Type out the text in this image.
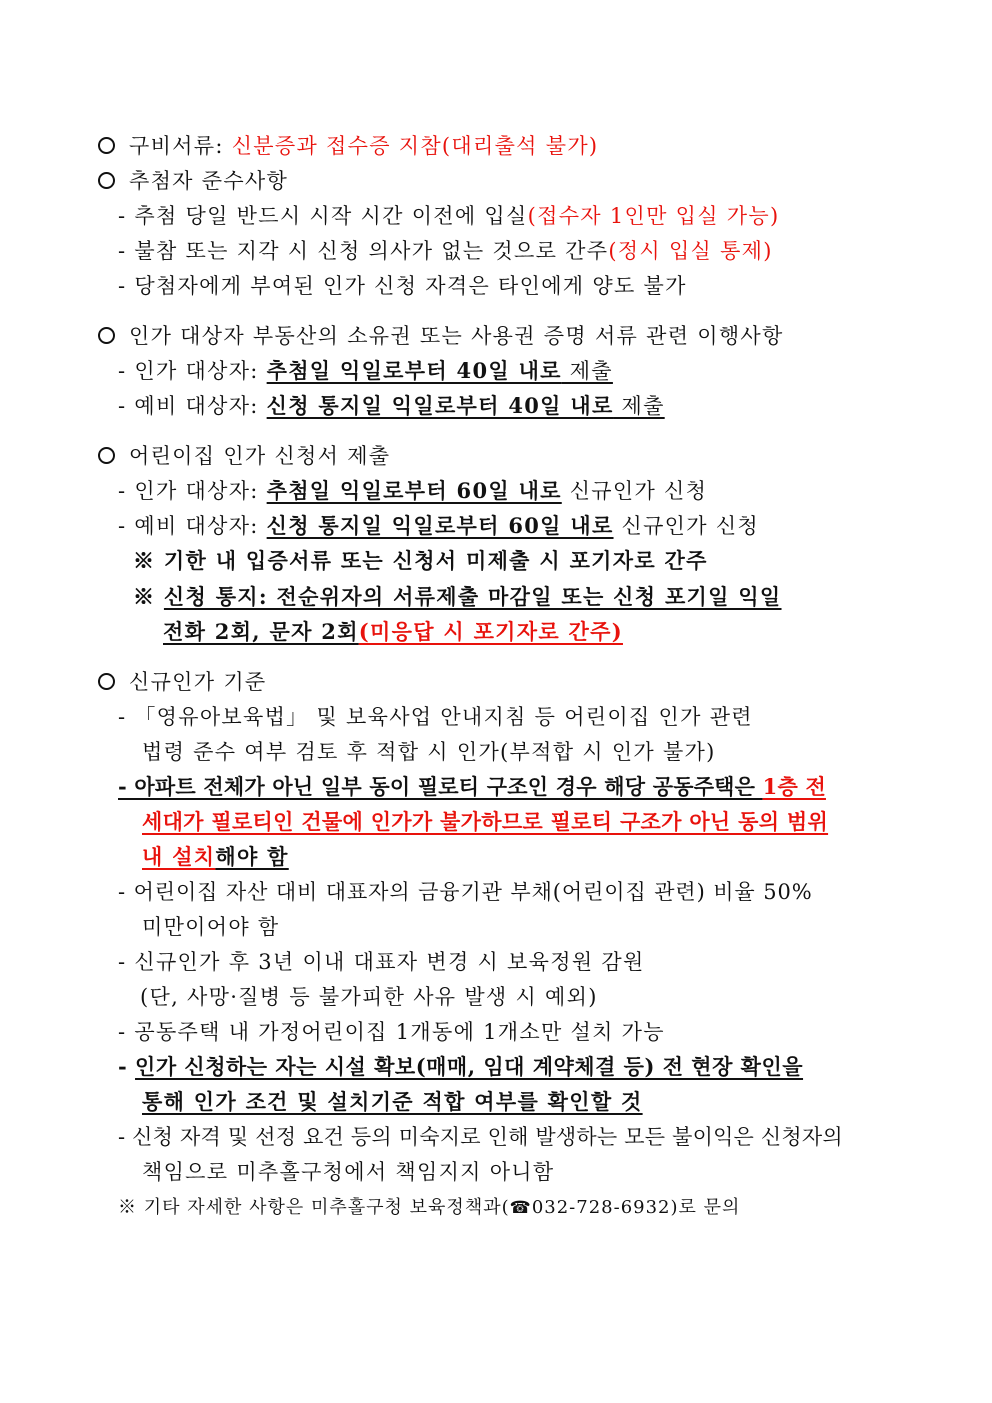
구비서류: 신분증과 접수증 지참(대리출석 불가)
추첨자 준수사항
- 추첨 당일 반드시 시작 시간 이전에 입실(접수자 1인만 입실 가능)
- 불참 또는 지각 시 신청 의사가 없는 것으로 간주(정시 입실 통제)
- 당첨자에게 부여된 인가 신청 자격은 타인에게 양도 불가
인가 대상자 부동산의 소유권 또는 사용권 증명 서류 관련 이행사항
- 인가 대상자: 추첨일 익일로부터 40일 내로 제출
- 예비 대상자: 신청 통지일 익일로부터 40일 내로 제출
어린이집 인가 신청서 제출
- 인가 대상자: 추첨일 익일로부터 60일 내로 신규인가 신청
- 예비 대상자: 신청 통지일 익일로부터 60일 내로 신규인가 신청
※ 기한 내 입증서류 또는 신청서 미제출 시 포기자로 간주
※ 신청 통지: 전순위자의 서류제출 마감일 또는 신청 포기일 익일
전화 2회, 문자 2회(미응답 시 포기자로 간주)
신규인가 기준
- 「영유아보육법」 및 보육사업 안내지침 등 어린이집 인가 관련
법령 준수 여부 검토 후 적합 시 인가(부적합 시 인가 불가)
- 아파트 전체가 아닌 일부 동이 필로티 구조인 경우 해당 공동주택은 1층 전
세대가 필로티인 건물에 인가가 불가하므로 필로티 구조가 아닌 동의 범위
내 설치해야 함
- 어린이집 자산 대비 대표자의 금융기관 부채(어린이집 관련) 비율 50%
미만이어야 함
- 신규인가 후 3년 이내 대표자 변경 시 보육정원 감원
(단, 사망·질병 등 불가피한 사유 발생 시 예외)
- 공동주택 내 가정어린이집 1개동에 1개소만 설치 가능
- 인가 신청하는 자는 시설 확보(매매, 임대 계약체결 등) 전 현장 확인을
통해 인가 조건 및 설치기준 적합 여부를 확인할 것
- 신청 자격 및 선정 요건 등의 미숙지로 인해 발생하는 모든 불이익은 신청자의
책임으로 미추홀구청에서 책임지지 아니함
※ 기타 자세한 사항은 미추홀구청 보육정책과(☎032-728-6932)로 문의
